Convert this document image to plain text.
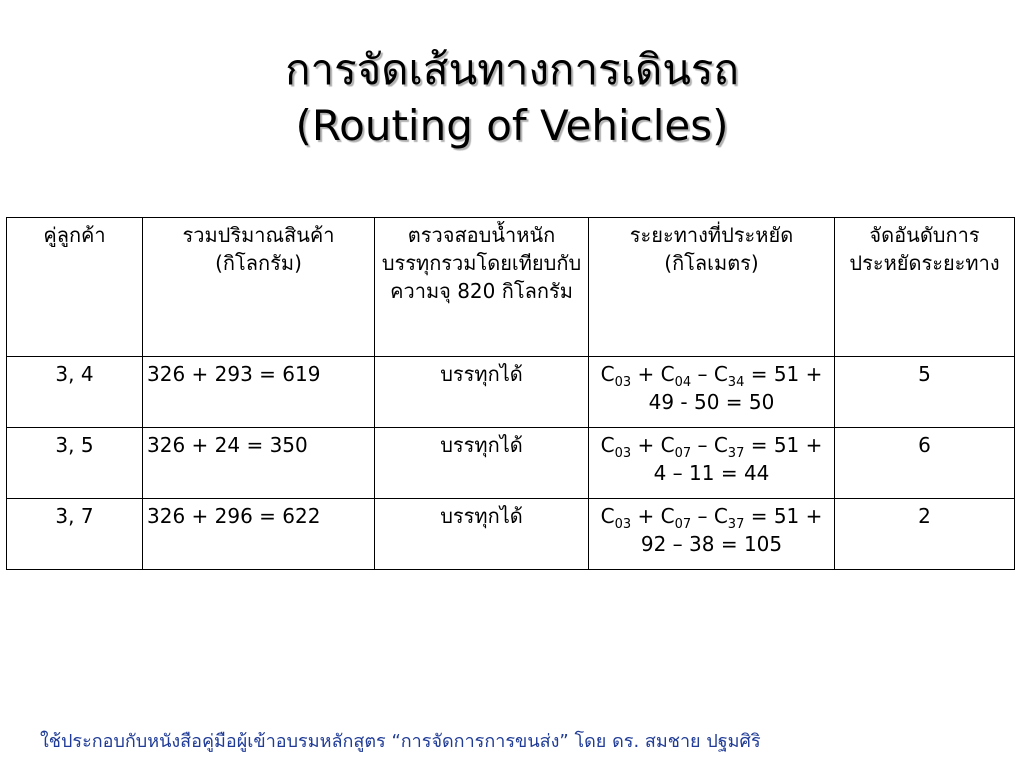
การจัดเส้นทางการเดินรถ
(Routing of Vehicles)
คู่ลูกค้า	รวมปริมาณสินค้า (กิโลกรัม)	ตรวจสอบน้ำหนักบรรทุกรวมโดยเทียบกับความจุ 820 กิโลกรัม	ระยะทางที่ประหยัด (กิโลเมตร)	จัดอันดับการประหยัดระยะทาง
3, 4	326 + 293 = 619	บรรทุกได้	$C_{03} + C_{04} - C_{34} = 51 + 49 - 50 = 50$	5
3, 5	326 + 24 = 350	บรรทุกได้	$C_{03} + C_{07} - C_{37} = 51 + 4 - 11 = 44$	6
3, 7	326 + 296 = 622	บรรทุกได้	$C_{03} + C_{07} - C_{37} = 51 + 92 - 38 = 105$	2
ใช้ประกอบกับหนังสือคู่มือผู้เข้าอบรมหลักสูตร “การจัดการการขนส่ง” โดย ดร. สมชาย ปฐมศิริ
